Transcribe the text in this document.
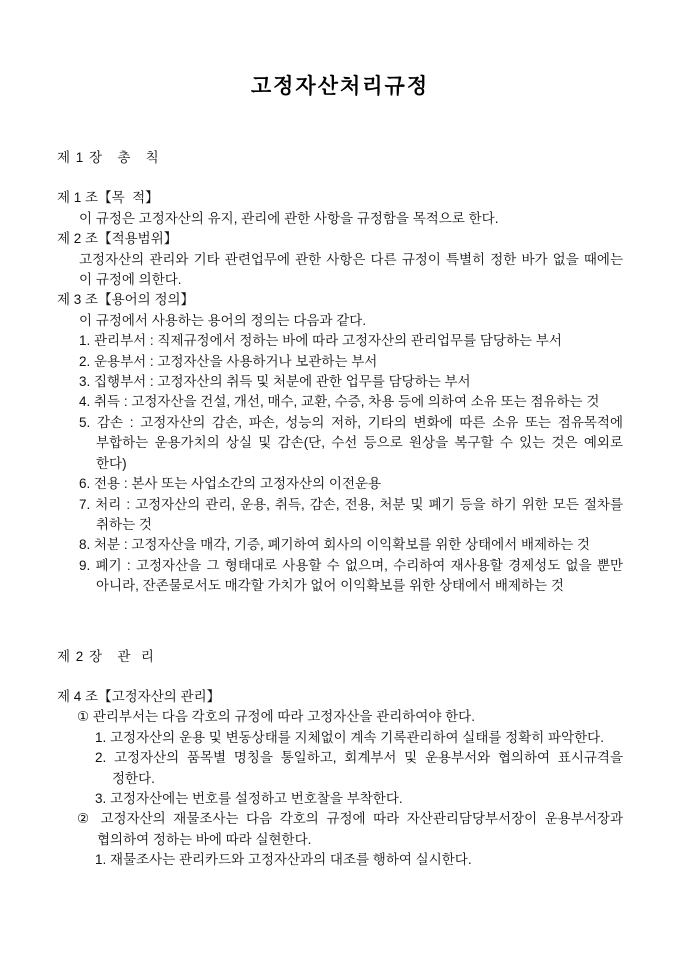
고정자산처리규정
제 1 장   총   칙
제 1 조【목  적】

이 규정은 고정자산의 유지, 관리에 관한 사항을 규정함을 목적으로 한다.

제 2 조【적용범위】

고정자산의 관리와 기타 관련업무에 관한 사항은 다른 규정이 특별히 정한 바가 없을 때에는 이 규정에 의한다.

제 3 조【용어의 정의】

이 규정에서 사용하는 용어의 정의는 다음과 같다.

1. 관리부서 : 직제규정에서 정하는 바에 따라 고정자산의 관리업무를 담당하는 부서

2. 운용부서 : 고정자산을 사용하거나 보관하는 부서

3. 집행부서 : 고정자산의 취득 및 처분에 관한 업무를 담당하는 부서

4. 취득 : 고정자산을 건설, 개선, 매수, 교환, 수증, 차용 등에 의하여 소유 또는 점유하는 것

5. 감손 : 고정자산의 감손, 파손, 성능의 저하, 기타의 변화에 따른 소유 또는 점유목적에 부합하는 운용가치의 상실 및 감손(단, 수선 등으로 원상을 복구할 수 있는 것은 예외로 한다)

6. 전용 : 본사 또는 사업소간의 고정자산의 이전운용

7. 처리 : 고정자산의 관리, 운용, 취득, 감손, 전용, 처분 및 폐기 등을 하기 위한 모든 절차를 취하는 것

8. 처분 : 고정자산을 매각, 기증, 폐기하여 회사의 이익확보를 위한 상태에서 배제하는 것

9. 폐기 : 고정자산을 그 형태대로 사용할 수 없으며, 수리하여 재사용할 경제성도 없을 뿐만 아니라, 잔존물로서도 매각할 가치가 없어 이익확보를 위한 상태에서 배제하는 것

제 2 장   관  리
제 4 조【고정자산의 관리】

① 관리부서는 다음 각호의 규정에 따라 고정자산을 관리하여야 한다.

1. 고정자산의 운용 및 변동상태를 지체없이 계속 기록관리하여 실태를 정확히 파악한다.

2. 고정자산의 품목별 명칭을 통일하고, 회계부서 및 운용부서와 협의하여 표시규격을 정한다.

3. 고정자산에는 번호를 설정하고 번호찰을 부착한다.

② 고정자산의 재물조사는 다음 각호의 규정에 따라 자산관리담당부서장이 운용부서장과 협의하여 정하는 바에 따라 실현한다.

1. 재물조사는 관리카드와 고정자산과의 대조를 행하여 실시한다.
